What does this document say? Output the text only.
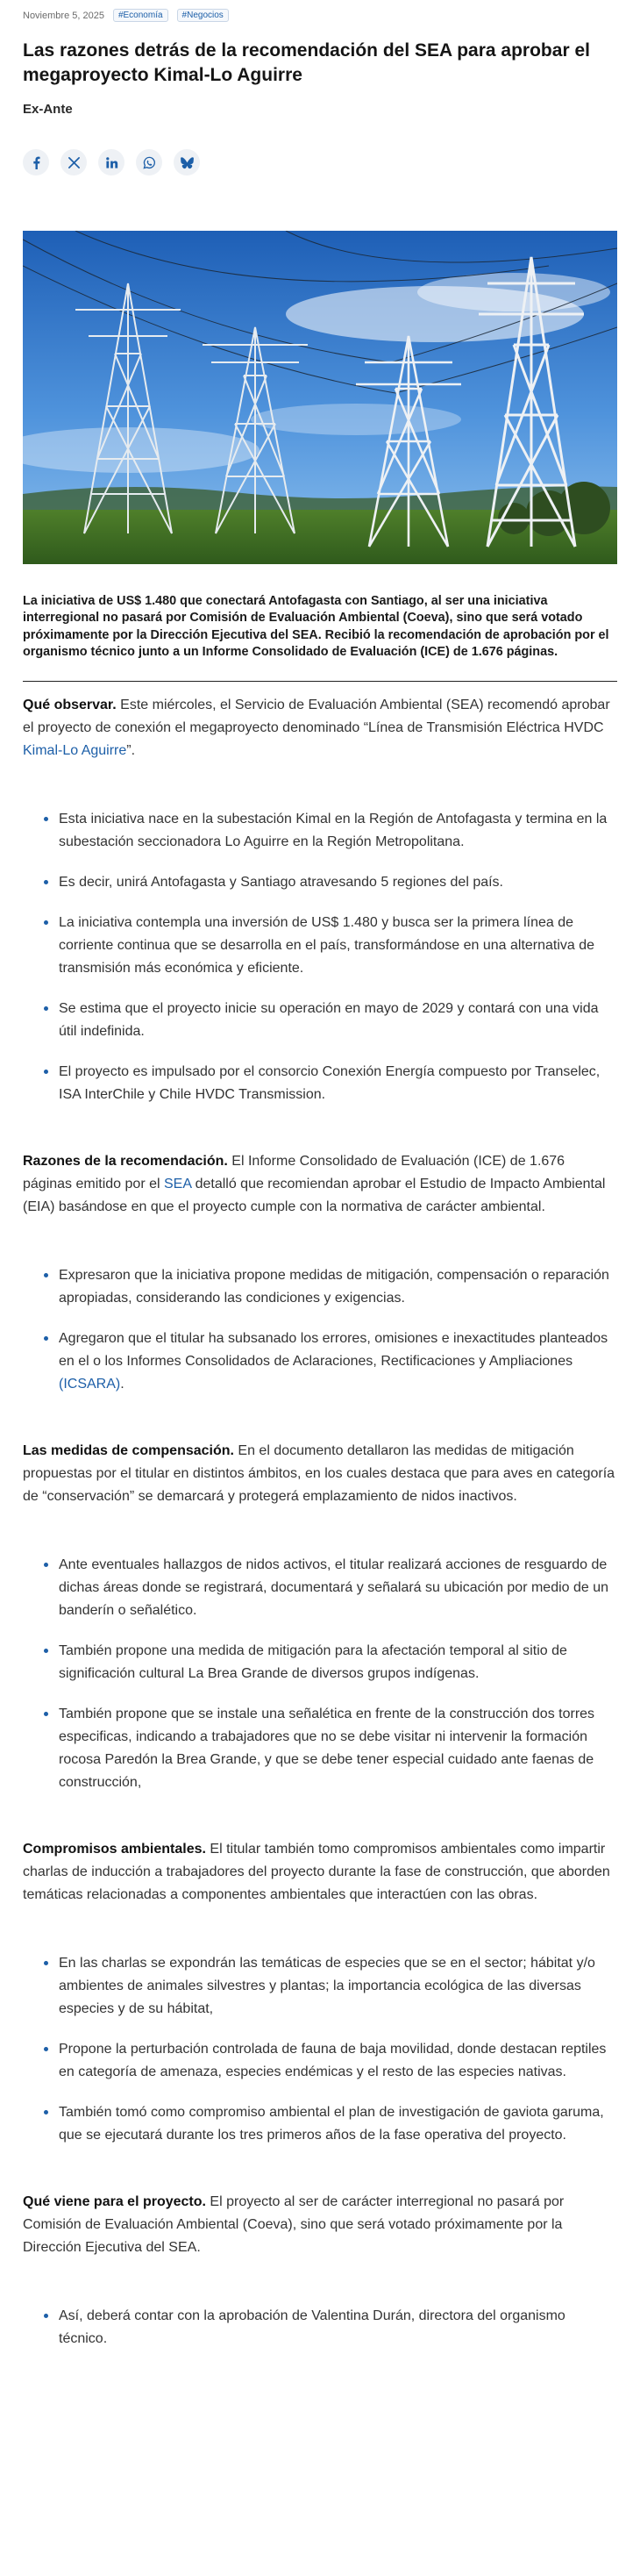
Noviembre 5, 2025	#Economía	#Negocios
Las razones detrás de la recomendación del SEA para aprobar el megaproyecto Kimal-Lo Aguirre
Ex-Ante
La iniciativa de US$ 1.480 que conectará Antofagasta con Santiago, al ser una iniciativa interregional no pasará por Comisión de Evaluación Ambiental (Coeva), sino que será votado próximamente por la Dirección Ejecutiva del SEA. Recibió la recomendación de aprobación por el organismo técnico junto a un Informe Consolidado de Evaluación (ICE) de 1.676 páginas.

Qué observar. Este miércoles, el Servicio de Evaluación Ambiental (SEA) recomendó aprobar el proyecto de conexión el megaproyecto denominado “Línea de Transmisión Eléctrica HVDC Kimal-Lo Aguirre”.

Esta iniciativa nace en la subestación Kimal en la Región de Antofagasta y termina en la subestación seccionadora Lo Aguirre en la Región Metropolitana.
Es decir, unirá Antofagasta y Santiago atravesando 5 regiones del país.
La iniciativa contempla una inversión de US$ 1.480 y busca ser la primera línea de corriente continua que se desarrolla en el país, transformándose en una alternativa de transmisión más económica y eficiente.
Se estima que el proyecto inicie su operación en mayo de 2029 y contará con una vida útil indefinida.
El proyecto es impulsado por el consorcio Conexión Energía compuesto por Transelec, ISA InterChile y Chile HVDC Transmission.

Razones de la recomendación. El Informe Consolidado de Evaluación (ICE) de 1.676 páginas emitido por el SEA detalló que recomiendan aprobar el Estudio de Impacto Ambiental (EIA) basándose en que el proyecto cumple con la normativa de carácter ambiental.

Expresaron que la iniciativa propone medidas de mitigación, compensación o reparación apropiadas, considerando las condiciones y exigencias.
Agregaron que el titular ha subsanado los errores, omisiones e inexactitudes planteados en el o los Informes Consolidados de Aclaraciones, Rectificaciones y Ampliaciones (ICSARA).

Las medidas de compensación. En el documento detallaron las medidas de mitigación propuestas por el titular en distintos ámbitos, en los cuales destaca que para aves en categoría de “conservación” se demarcará y protegerá emplazamiento de nidos inactivos.

Ante eventuales hallazgos de nidos activos, el titular realizará acciones de resguardo de dichas áreas donde se registrará, documentará y señalará su ubicación por medio de un banderín o señalético.
También propone una medida de mitigación para la afectación temporal al sitio de significación cultural La Brea Grande de diversos grupos indígenas.
También propone que se instale una señalética en frente de la construcción dos torres especificas, indicando a trabajadores que no se debe visitar ni intervenir la formación rocosa Paredón la Brea Grande, y que se debe tener especial cuidado ante faenas de construcción,

Compromisos ambientales. El titular también tomo compromisos ambientales como impartir charlas de inducción a trabajadores del proyecto durante la fase de construcción, que aborden temáticas relacionadas a componentes ambientales que interactúen con las obras.

En las charlas se expondrán las temáticas de especies que se en el sector; hábitat y/o ambientes de animales silvestres y plantas; la importancia ecológica de las diversas especies y de su hábitat,
Propone la perturbación controlada de fauna de baja movilidad, donde destacan reptiles en categoría de amenaza, especies endémicas y el resto de las especies nativas.
También tomó como compromiso ambiental el plan de investigación de gaviota garuma, que se ejecutará durante los tres primeros años de la fase operativa del proyecto.

Qué viene para el proyecto. El proyecto al ser de carácter interregional no pasará por Comisión de Evaluación Ambiental (Coeva), sino que será votado próximamente por la Dirección Ejecutiva del SEA.

Así, deberá contar con la aprobación de Valentina Durán, directora del organismo técnico.
